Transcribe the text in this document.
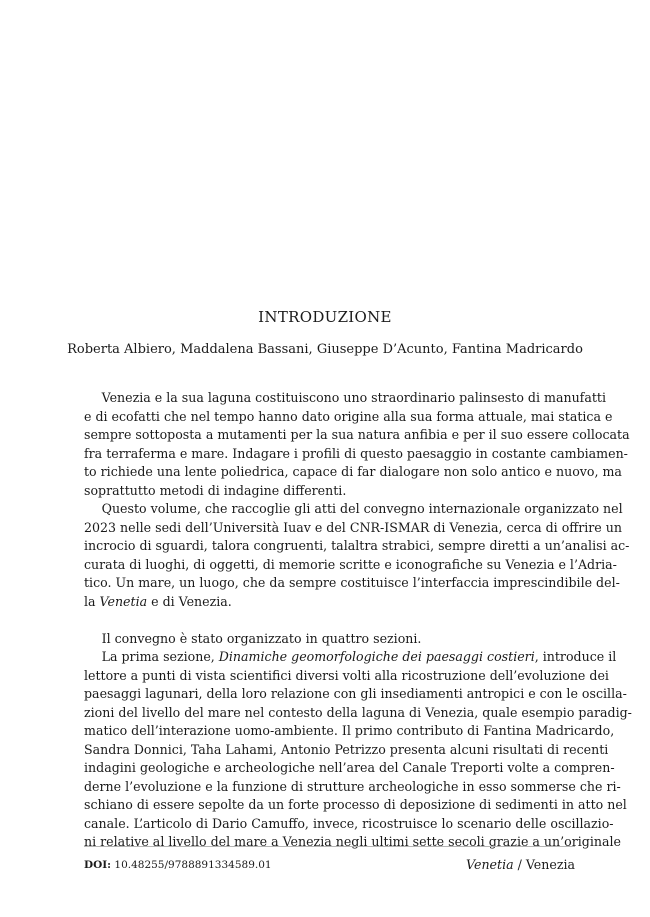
INTRODUZIONE
Roberta Albiero, Maddalena Bassani, Giuseppe D’Acunto, Fantina Madricardo
Venezia e la sua laguna costituiscono uno straordinario palinsesto di manufatti
e di ecofatti che nel tempo hanno dato origine alla sua forma attuale, mai statica e
sempre sottoposta a mutamenti per la sua natura anfibia e per il suo essere collocata
fra terraferma e mare. Indagare i profili di questo paesaggio in costante cambiamen-
to richiede una lente poliedrica, capace di far dialogare non solo antico e nuovo, ma
soprattutto metodi di indagine differenti.
Questo volume, che raccoglie gli atti del convegno internazionale organizzato nel
2023 nelle sedi dell’Università Iuav e del CNR-ISMAR di Venezia, cerca di offrire un
incrocio di sguardi, talora congruenti, talaltra strabici, sempre diretti a un’analisi ac-
curata di luoghi, di oggetti, di memorie scritte e iconografiche su Venezia e l’Adria-
tico. Un mare, un luogo, che da sempre costituisce l’interfaccia imprescindibile del-
la Venetia e di Venezia.
Il convegno è stato organizzato in quattro sezioni.
La prima sezione, Dinamiche geomorfologiche dei paesaggi costieri, introduce il
lettore a punti di vista scientifici diversi volti alla ricostruzione dell’evoluzione dei
paesaggi lagunari, della loro relazione con gli insediamenti antropici e con le oscilla-
zioni del livello del mare nel contesto della laguna di Venezia, quale esempio paradig-
matico dell’interazione uomo-ambiente. Il primo contributo di Fantina Madricardo,
Sandra Donnici, Taha Lahami, Antonio Petrizzo presenta alcuni risultati di recenti
indagini geologiche e archeologiche nell’area del Canale Treporti volte a compren-
derne l’evoluzione e la funzione di strutture archeologiche in esso sommerse che ri-
schiano di essere sepolte da un forte processo di deposizione di sedimenti in atto nel
canale. L’articolo di Dario Camuffo, invece, ricostruisce lo scenario delle oscillazio-
ni relative al livello del mare a Venezia negli ultimi sette secoli grazie a un’originale
DOI: 10.48255/9788891334589.01	Venetia / Venezia
